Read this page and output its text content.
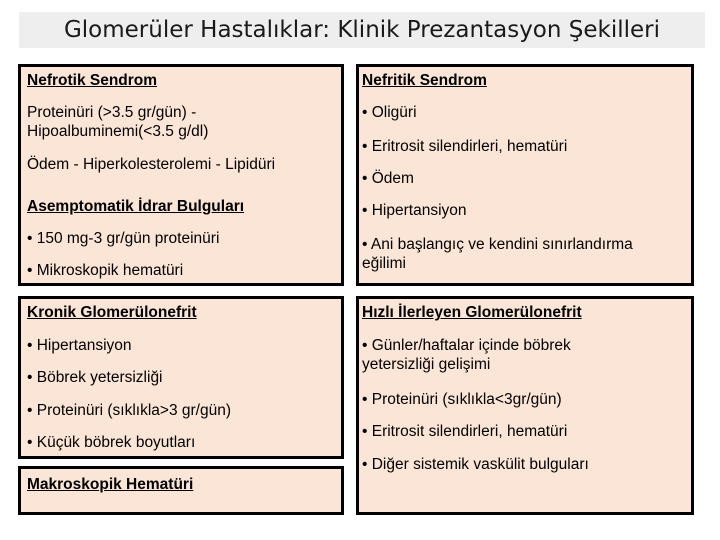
Glomerüler Hastalıklar: Klinik Prezantasyon Şekilleri
Nefrotik Sendrom
Proteinüri (>3.5 gr/gün) -
Hipoalbuminemi(<3.5 g/dl)
Ödem - Hiperkolesterolemi - Lipidüri
Asemptomatik İdrar Bulguları
• 150 mg-3 gr/gün proteinüri
• Mikroskopik hematüri
Nefritik Sendrom
• Oligüri
• Eritrosit silendirleri, hematüri
• Ödem
• Hipertansiyon
• Ani başlangıç ve kendini sınırlandırma
eğilimi
Kronik Glomerülonefrit
• Hipertansiyon
• Böbrek yetersizliği
• Proteinüri (sıklıkla>3 gr/gün)
• Küçük böbrek boyutları
Hızlı İlerleyen Glomerülonefrit
• Günler/haftalar içinde böbrek
yetersizliği gelişimi
• Proteinüri (sıklıkla<3gr/gün)
• Eritrosit silendirleri, hematüri
• Diğer sistemik vaskülit bulguları
Makroskopik Hematüri
